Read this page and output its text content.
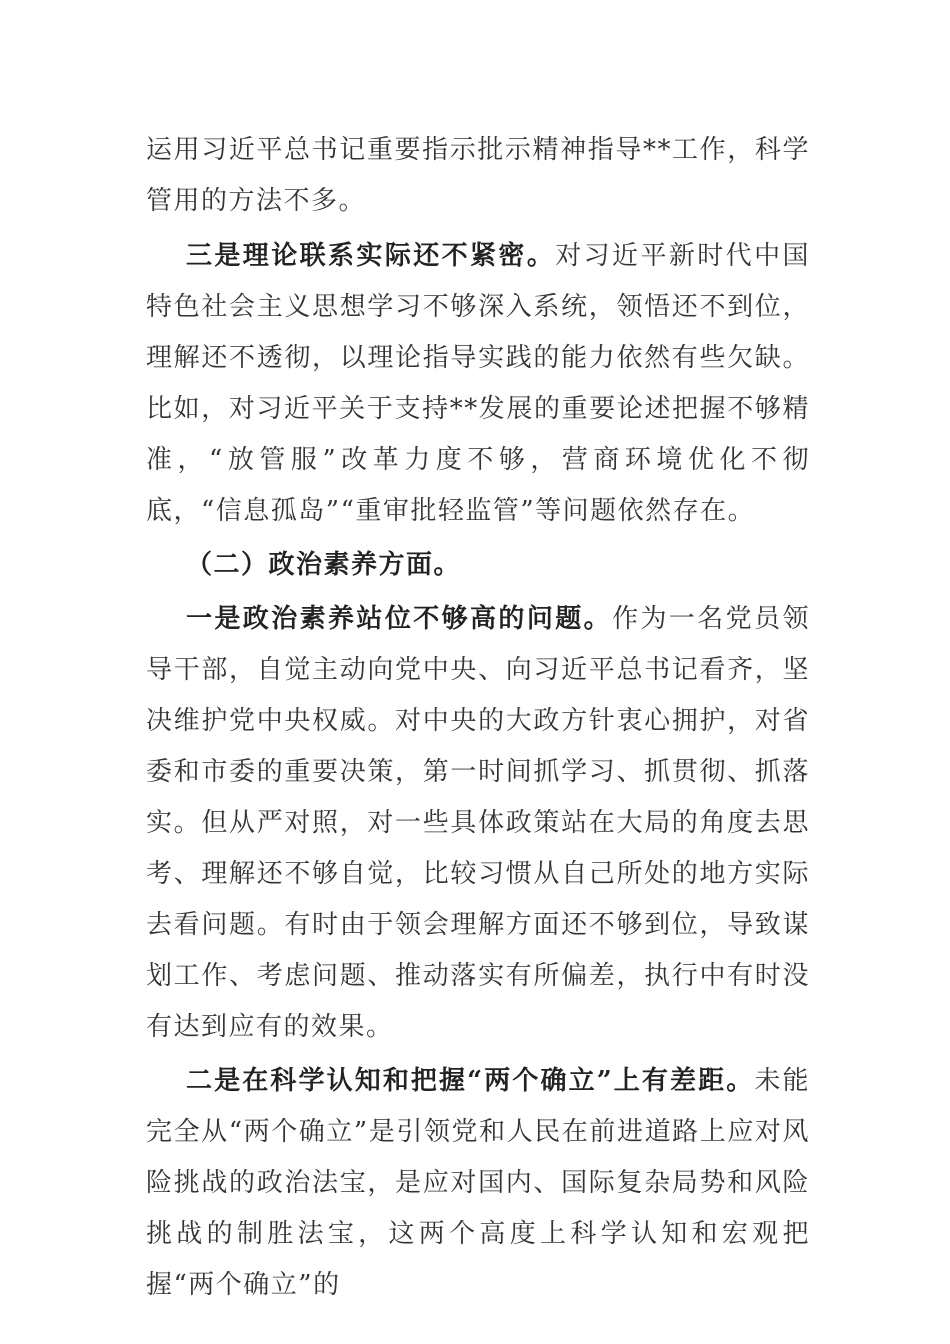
运用习近平总书记重要指示批示精神指导**工作，科学管用的方法不多。

三是理论联系实际还不紧密。对习近平新时代中国特色社会主义思想学习不够深入系统，领悟还不到位，理解还不透彻，以理论指导实践的能力依然有些欠缺。比如，对习近平关于支持**发展的重要论述把握不够精准，“放管服”改革力度不够，营商环境优化不彻底，“信息孤岛”“重审批轻监管”等问题依然存在。

（二）政治素养方面。

一是政治素养站位不够高的问题。作为一名党员领导干部，自觉主动向党中央、向习近平总书记看齐，坚决维护党中央权威。对中央的大政方针衷心拥护，对省委和市委的重要决策，第一时间抓学习、抓贯彻、抓落实。但从严对照，对一些具体政策站在大局的角度去思考、理解还不够自觉，比较习惯从自己所处的地方实际去看问题。有时由于领会理解方面还不够到位，导致谋划工作、考虑问题、推动落实有所偏差，执行中有时没有达到应有的效果。

二是在科学认知和把握“两个确立”上有差距。未能完全从“两个确立”是引领党和人民在前进道路上应对风险挑战的政治法宝，是应对国内、国际复杂局势和风险挑战的制胜法宝，这两个高度上科学认知和宏观把握“两个确立”的
